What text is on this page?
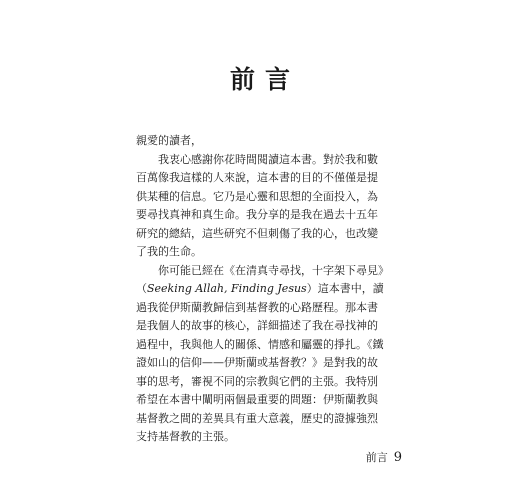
前言

親愛的讀者，

我衷心感謝你花時間閱讀這本書。對於我和數百萬像我這樣的人來說，這本書的目的不僅僅是提供某種的信息。它乃是心靈和思想的全面投入，為要尋找真神和真生命。我分享的是我在過去十五年研究的總結，這些研究不但刺傷了我的心，也改變了我的生命。

你可能已經在《在清真寺尋找，十字架下尋見》（Seeking Allah, Finding Jesus）這本書中，讀過我從伊斯蘭教歸信到基督教的心路歷程。那本書是我個人的故事的核心，詳細描述了我在尋找神的過程中，我與他人的關係、情感和屬靈的掙扎。《鐵證如山的信仰——伊斯蘭或基督教？》是對我的故事的思考，審視不同的宗教與它們的主張。我特別希望在本書中闡明兩個最重要的問題：伊斯蘭教與基督教之間的差異具有重大意義，歷史的證據強烈支持基督教的主張。

前言 9
